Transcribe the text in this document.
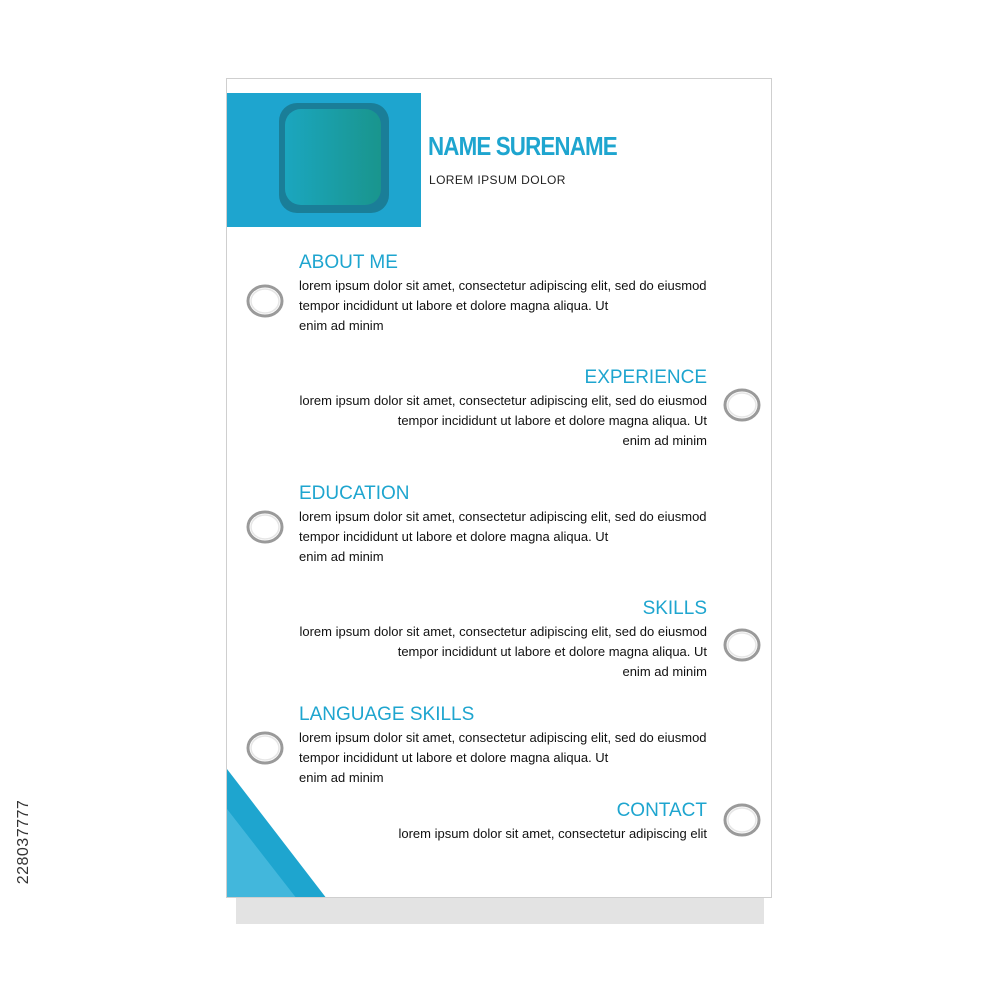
NAME SURENAME
LOREM IPSUM DOLOR
ABOUT ME
lorem ipsum dolor sit amet, consectetur adipiscing elit, sed do eiusmod
tempor incididunt ut labore et dolore magna aliqua. Ut
enim ad minim
EXPERIENCE
lorem ipsum dolor sit amet, consectetur adipiscing elit, sed do eiusmod
tempor incididunt ut labore et dolore magna aliqua. Ut
enim ad minim
EDUCATION
lorem ipsum dolor sit amet, consectetur adipiscing elit, sed do eiusmod
tempor incididunt ut labore et dolore magna aliqua. Ut
enim ad minim
SKILLS
lorem ipsum dolor sit amet, consectetur adipiscing elit, sed do eiusmod
tempor incididunt ut labore et dolore magna aliqua. Ut
enim ad minim
LANGUAGE SKILLS
lorem ipsum dolor sit amet, consectetur adipiscing elit, sed do eiusmod
tempor incididunt ut labore et dolore magna aliqua. Ut
enim ad minim
CONTACT
lorem ipsum dolor sit amet, consectetur adipiscing elit
228037777
